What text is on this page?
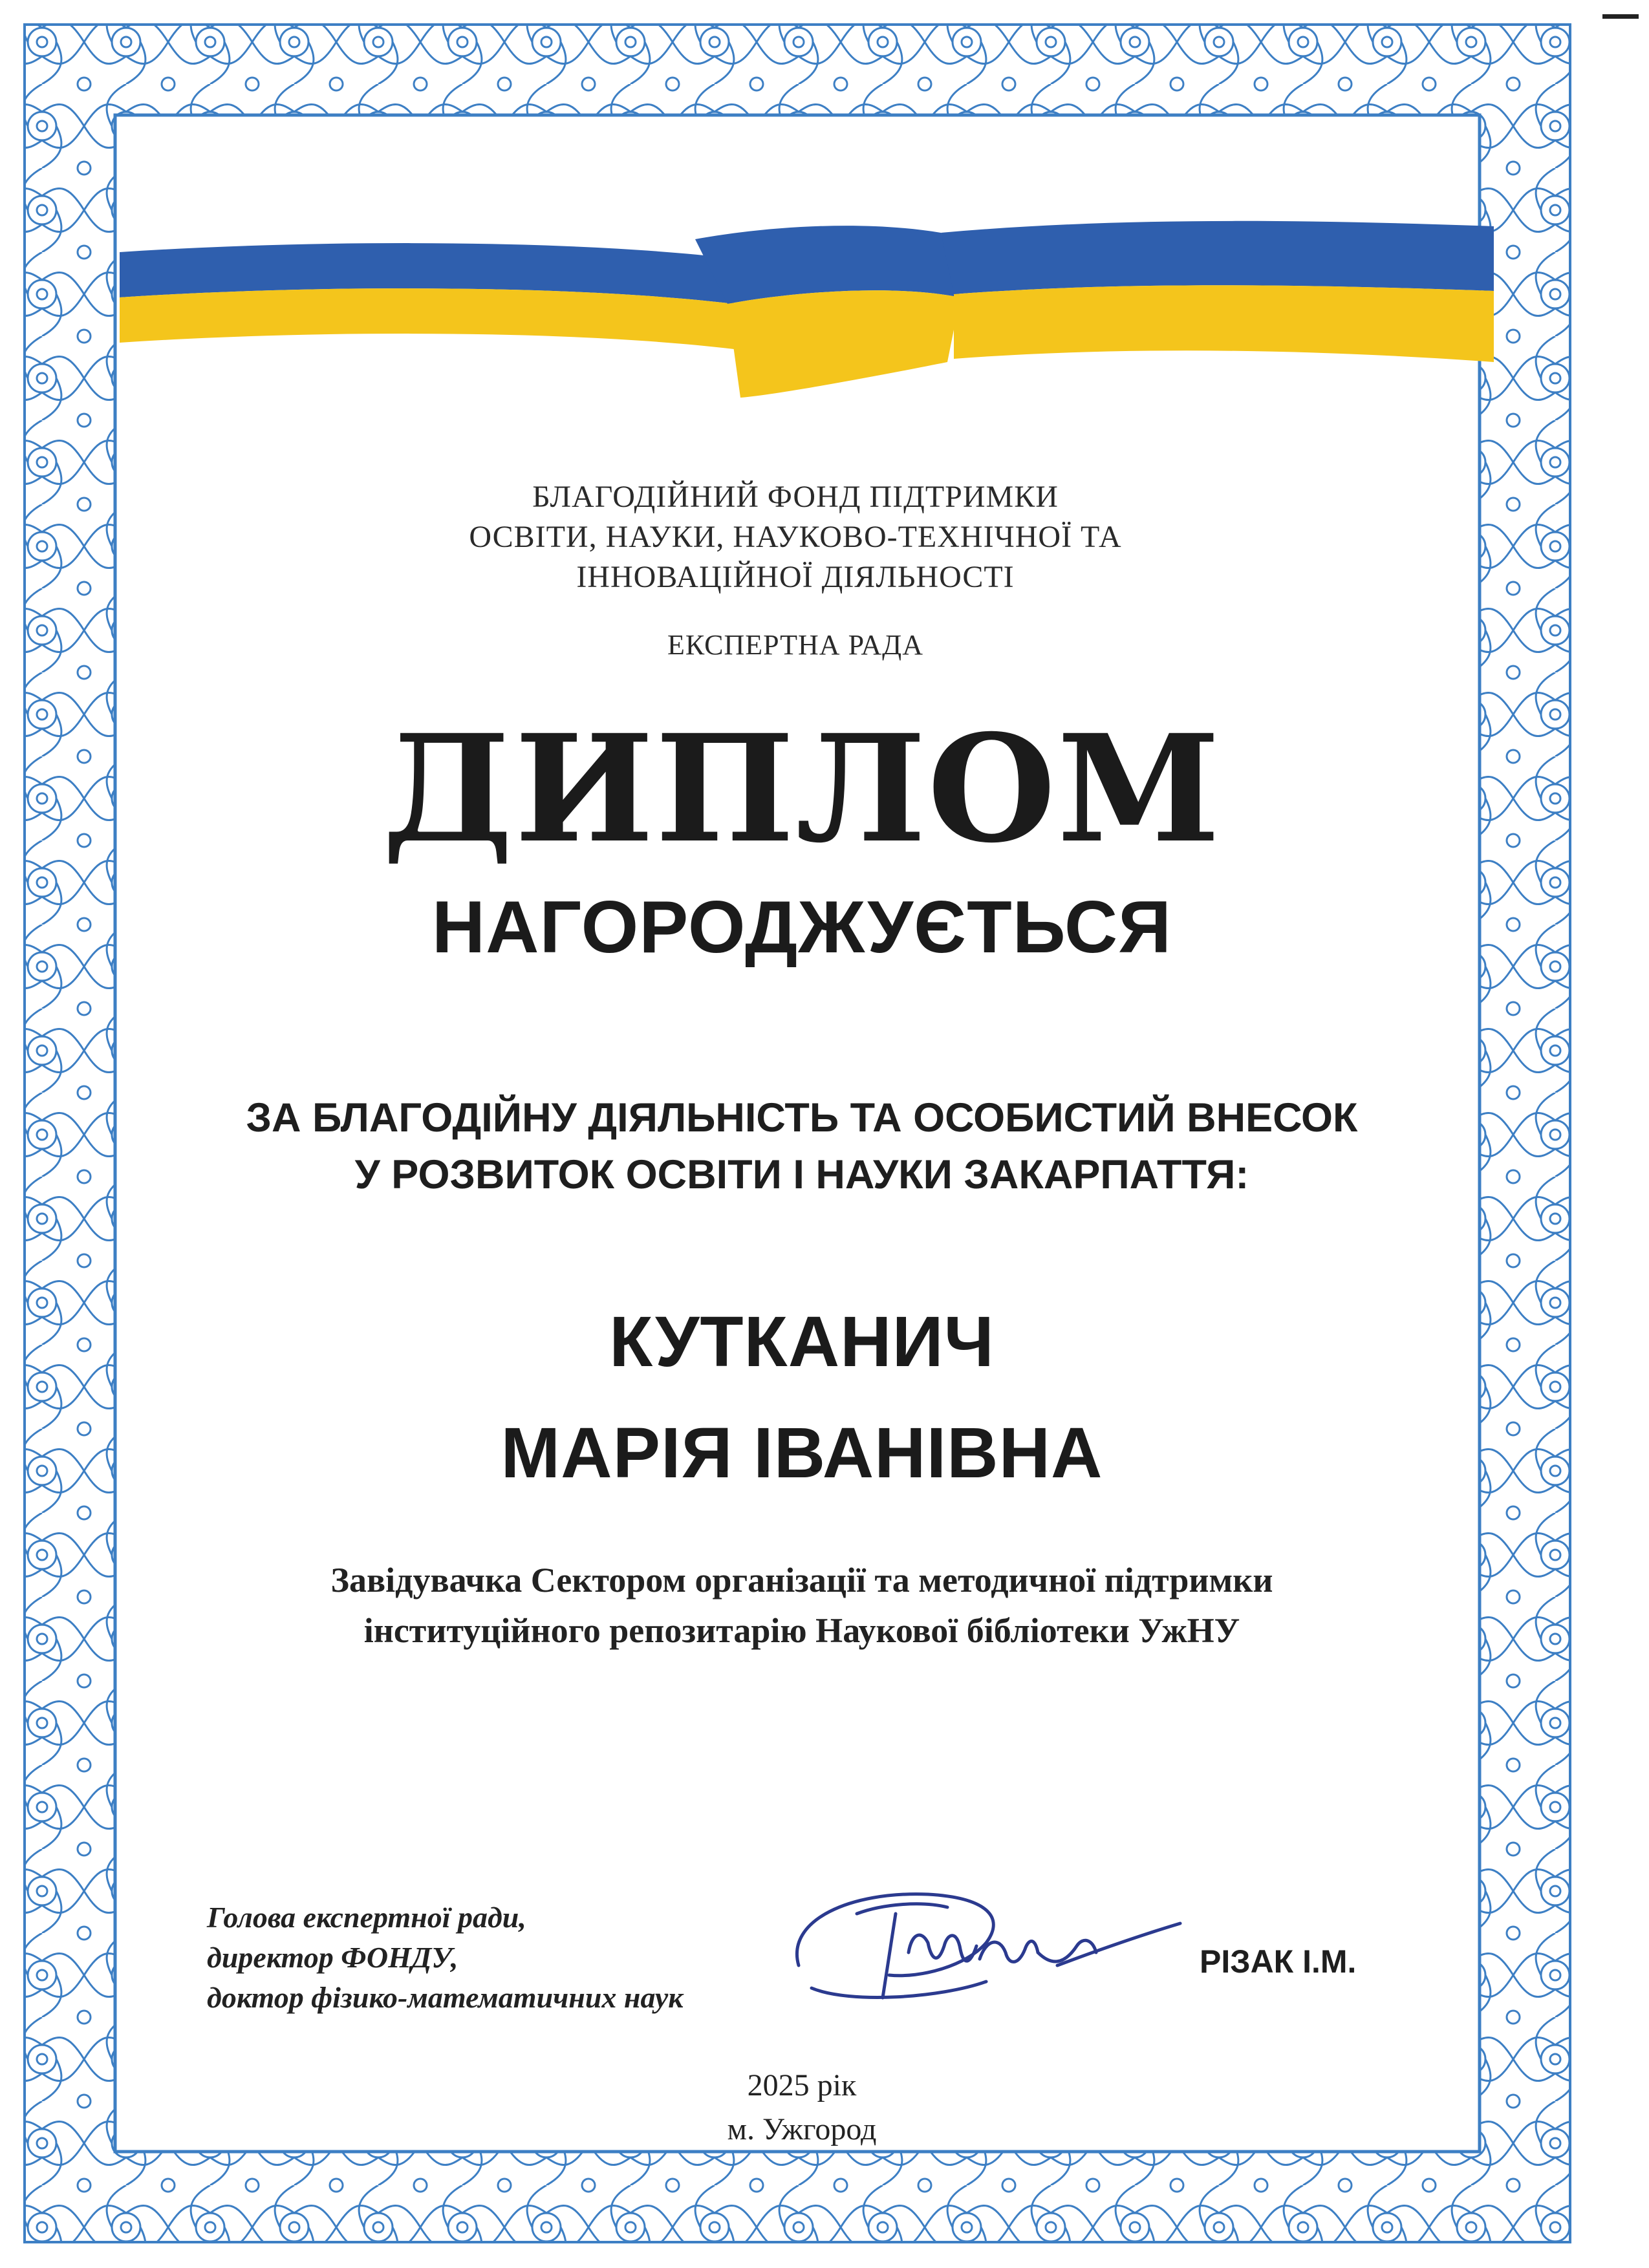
БЛАГОДІЙНИЙ ФОНД ПІДТРИМКИ
ОСВІТИ, НАУКИ, НАУКОВО-ТЕХНІЧНОЇ ТА
ІННОВАЦІЙНОЇ ДІЯЛЬНОСТІ
ЕКСПЕРТНА РАДА
ДИПЛОМ
НАГОРОДЖУЄТЬСЯ
ЗА БЛАГОДІЙНУ ДІЯЛЬНІСТЬ ТА ОСОБИСТИЙ ВНЕСОК
У РОЗВИТОК ОСВІТИ І НАУКИ ЗАКАРПАТТЯ:
КУТКАНИЧ
МАРІЯ ІВАНІВНА
Завідувачка Сектором організації та методичної підтримки
інституційного репозитарію Наукової бібліотеки УжНУ
Голова експертної ради,
директор ФОНДУ,
доктор фізико-математичних наук
РІЗАК І.М.
2025 рік
м. Ужгород
